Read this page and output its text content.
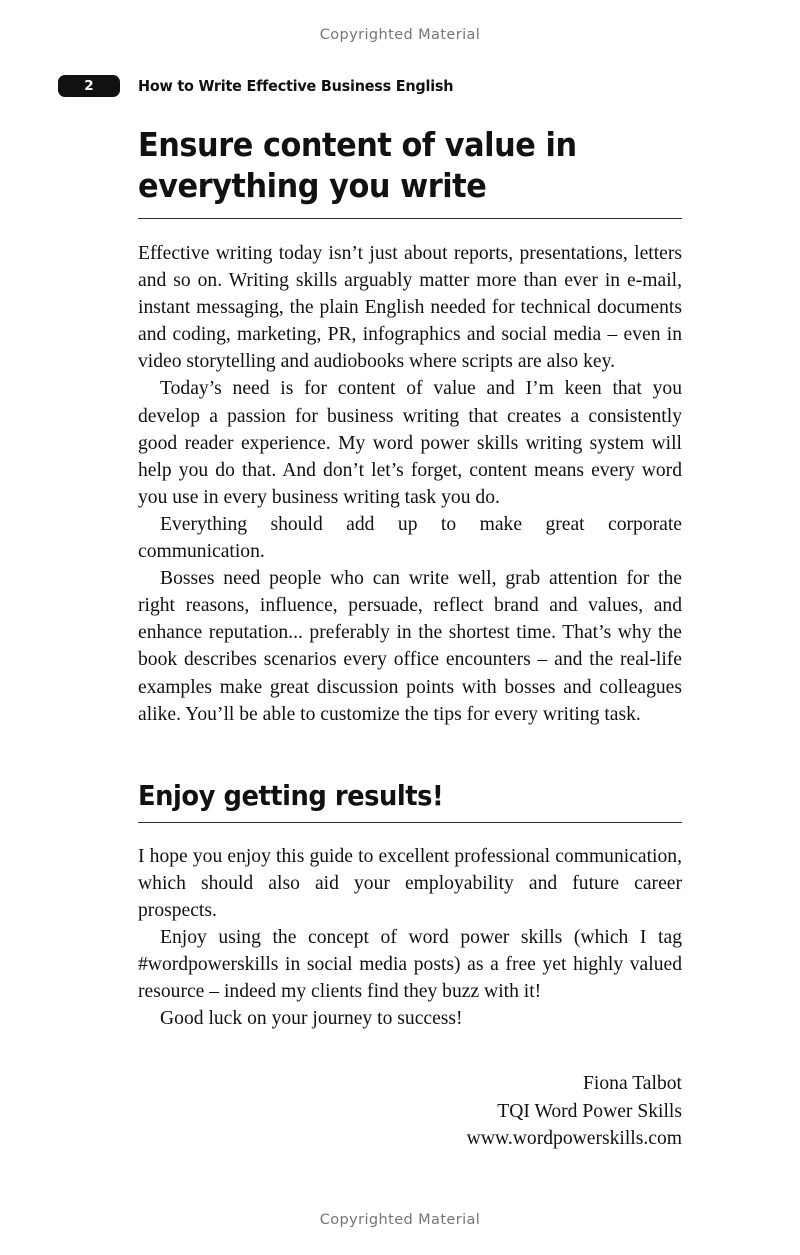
Copyrighted Material
2	How to Write Effective Business English
Ensure content of value in everything you write

Effective writing today isn’t just about reports, presentations, letters and so on. Writing skills arguably matter more than ever in e-mail, instant messaging, the plain English needed for technical documents and coding, marketing, PR, infographics and social media – even in video storytelling and audiobooks where scripts are also key.

Today’s need is for content of value and I’m keen that you develop a passion for business writing that creates a consistently good reader experience. My word power skills writing system will help you do that. And don’t let’s forget, content means every word you use in every business writing task you do.

Everything should add up to make great corporate communication.

Bosses need people who can write well, grab attention for the right reasons, influence, persuade, reflect brand and values, and enhance reputation... preferably in the shortest time. That’s why the book describes scenarios every office encounters – and the real-life examples make great discussion points with bosses and colleagues alike. You’ll be able to customize the tips for every writing task.

Enjoy getting results!

I hope you enjoy this guide to excellent professional communication, which should also aid your employability and future career prospects.

Enjoy using the concept of word power skills (which I tag #wordpowerskills in social media posts) as a free yet highly valued resource – indeed my clients find they buzz with it!

Good luck on your journey to success!

Fiona Talbot
TQI Word Power Skills
www.wordpowerskills.com
Copyrighted Material
